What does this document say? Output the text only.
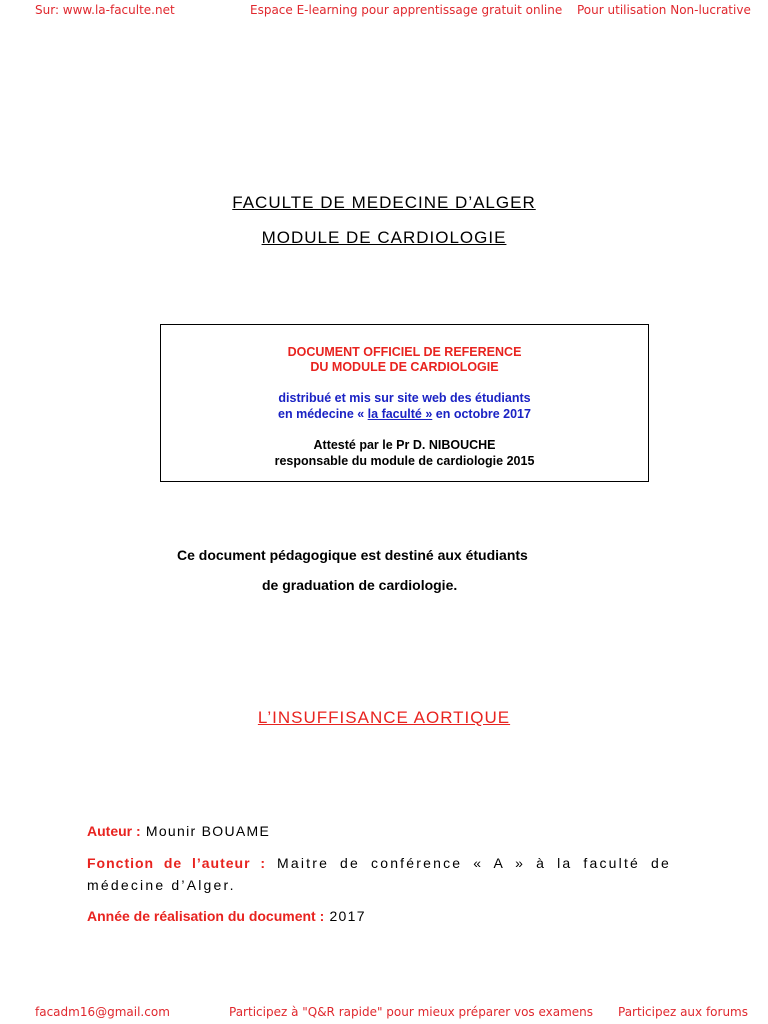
Sur: www.la-faculte.net	Espace E-learning pour apprentissage gratuit online Pour utilisation Non-lucrative
FACULTE DE MEDECINE D’ALGER
MODULE DE CARDIOLOGIE
DOCUMENT OFFICIEL DE REFERENCE
DU MODULE DE CARDIOLOGIE
distribué et mis sur site web des étudiants
en médecine « la faculté » en octobre 2017
Attesté par le Pr D. NIBOUCHE
responsable du module de cardiologie 2015
Ce document pédagogique est destiné aux étudiants
de graduation de cardiologie.
L’INSUFFISANCE AORTIQUE
Auteur : Mounir BOUAME
Fonction de l’auteur : Maitre de conférence « A » à la faculté de médecine d’Alger.
Année de réalisation du document : 2017
facadm16@gmail.com	Participez à "Q&R rapide" pour mieux préparer vos examens Participez aux forums
